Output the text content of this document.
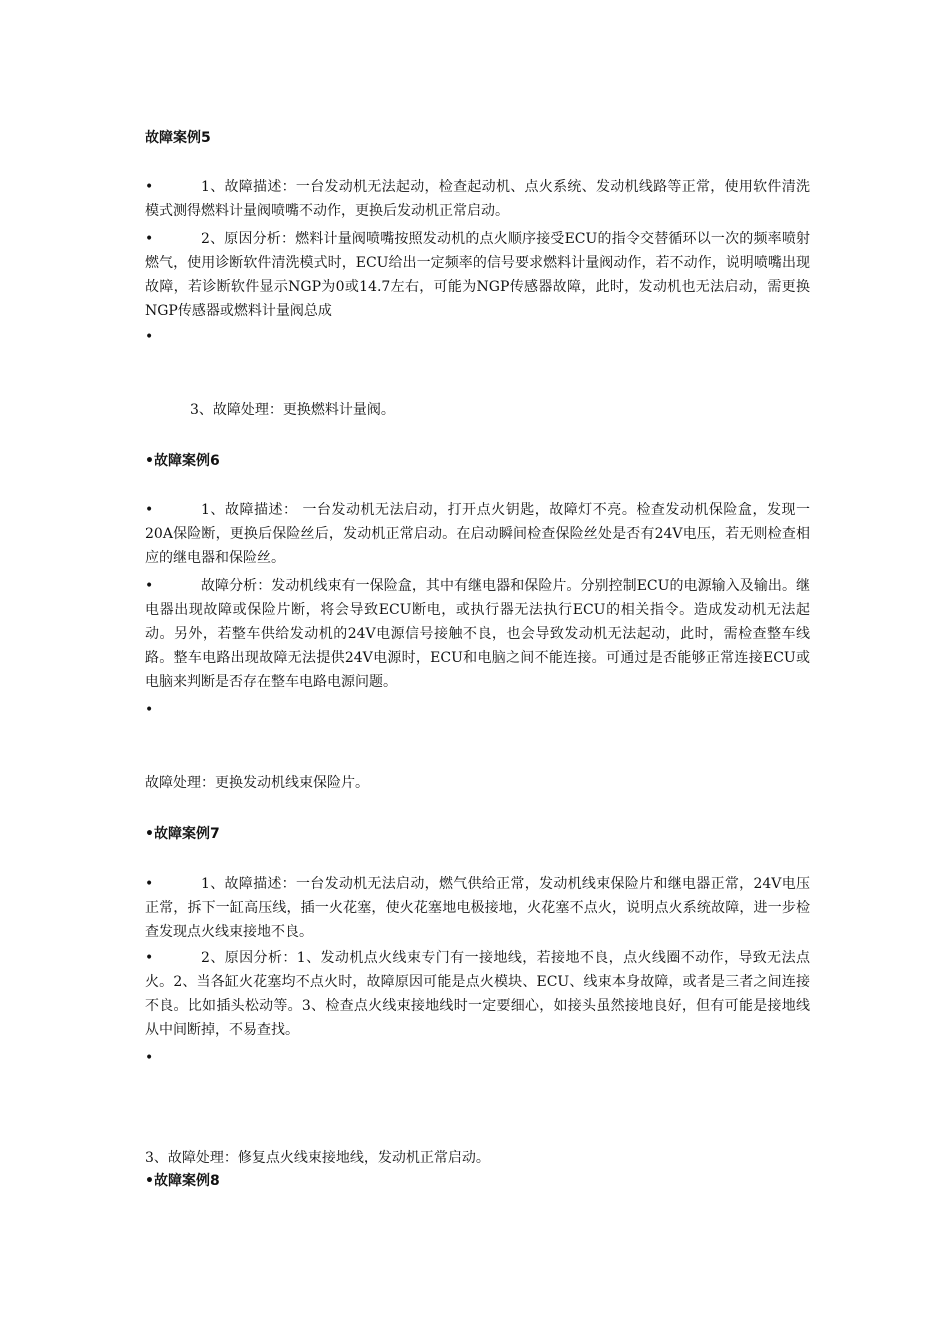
故障案例5
•	1、故障描述：一台发动机无法起动，检查起动机、点火系统、发动机线路等正常，使用软件清洗模式测得燃料计量阀喷嘴不动作，更换后发动机正常启动。
•	2、原因分析：燃料计量阀喷嘴按照发动机的点火顺序接受ECU的指令交替循环以一次的频率喷射燃气，使用诊断软件清洗模式时，ECU给出一定频率的信号要求燃料计量阀动作，若不动作，说明喷嘴出现故障，若诊断软件显示NGP为0或14.7左右，可能为NGP传感器故障，此时，发动机也无法启动，需更换NGP传感器或燃料计量阀总成
•
3、故障处理：更换燃料计量阀。
•故障案例6
•	1、故障描述： 一台发动机无法启动，打开点火钥匙，故障灯不亮。检查发动机保险盒，发现一20A保险断，更换后保险丝后，发动机正常启动。在启动瞬间检查保险丝处是否有24V电压，若无则检查相应的继电器和保险丝。
•	故障分析：发动机线束有一保险盒，其中有继电器和保险片。分别控制ECU的电源输入及输出。继电器出现故障或保险片断，将会导致ECU断电，或执行器无法执行ECU的相关指令。造成发动机无法起动。另外，若整车供给发动机的24V电源信号接触不良，也会导致发动机无法起动，此时，需检查整车线路。整车电路出现故障无法提供24V电源时，ECU和电脑之间不能连接。可通过是否能够正常连接ECU或电脑来判断是否存在整车电路电源问题。
•
故障处理：更换发动机线束保险片。
•故障案例7
•	1、故障描述：一台发动机无法启动，燃气供给正常，发动机线束保险片和继电器正常，24V电压正常，拆下一缸高压线，插一火花塞，使火花塞地电极接地，火花塞不点火，说明点火系统故障，进一步检查发现点火线束接地不良。
•	2、原因分析：1、发动机点火线束专门有一接地线，若接地不良，点火线圈不动作，导致无法点火。2、当各缸火花塞均不点火时，故障原因可能是点火模块、ECU、线束本身故障，或者是三者之间连接不良。比如插头松动等。3、检查点火线束接地线时一定要细心，如接头虽然接地良好，但有可能是接地线从中间断掉，不易查找。
•
3、故障处理：修复点火线束接地线，发动机正常启动。
•故障案例8
